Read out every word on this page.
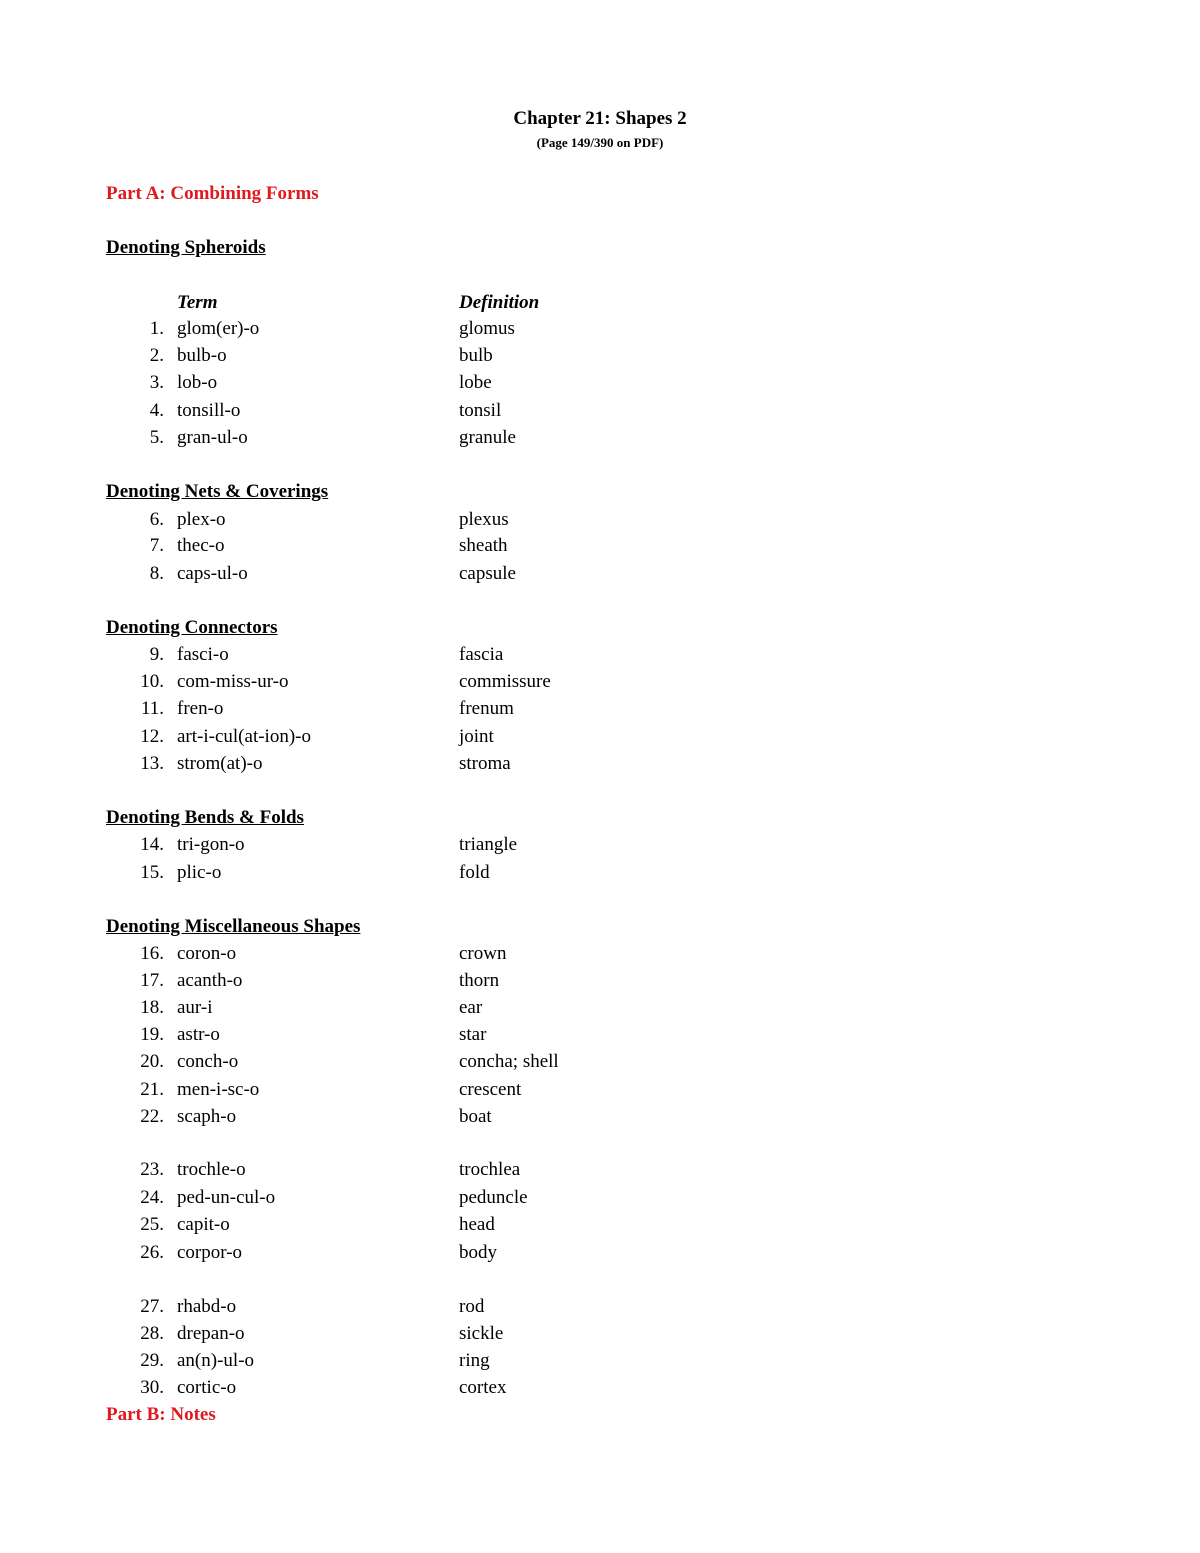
Chapter 21: Shapes 2
(Page 149/390 on PDF)
Part A: Combining Forms
Denoting Spheroids
Term	Definition
1. glom(er)-o	glomus
2. bulb-o	bulb
3. lob-o	lobe
4. tonsill-o	tonsil
5. gran-ul-o	granule
Denoting Nets & Coverings
6. plex-o	plexus
7. thec-o	sheath
8. caps-ul-o	capsule
Denoting Connectors
9. fasci-o	fascia
10. com-miss-ur-o	commissure
11. fren-o	frenum
12. art-i-cul(at-ion)-o	joint
13. strom(at)-o	stroma
Denoting Bends & Folds
14. tri-gon-o	triangle
15. plic-o	fold
Denoting Miscellaneous Shapes
16. coron-o	crown
17. acanth-o	thorn
18. aur-i	ear
19. astr-o	star
20. conch-o	concha; shell
21. men-i-sc-o	crescent
22. scaph-o	boat
23. trochle-o	trochlea
24. ped-un-cul-o	peduncle
25. capit-o	head
26. corpor-o	body
27. rhabd-o	rod
28. drepan-o	sickle
29. an(n)-ul-o	ring
30. cortic-o	cortex
Part B: Notes
